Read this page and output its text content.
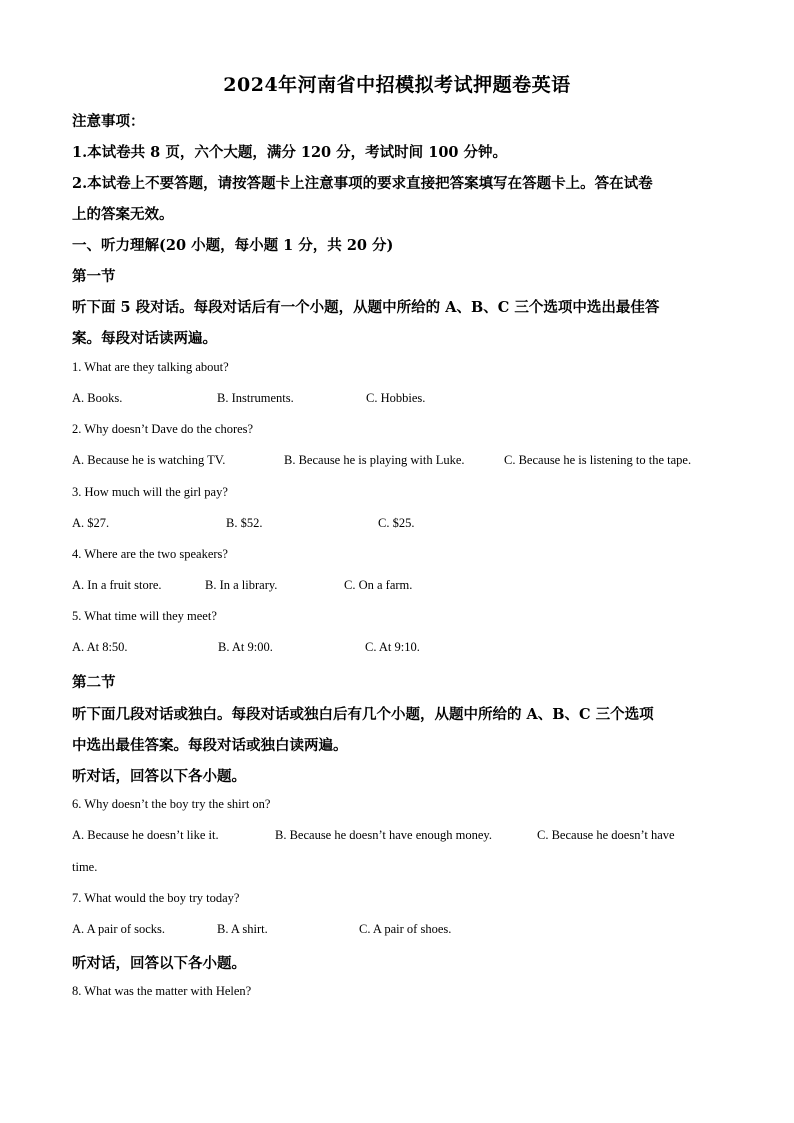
2024年河南省中招模拟考试押题卷英语
注意事项：
1.本试卷共 8 页，六个大题，满分 120 分，考试时间 100 分钟。
2.本试卷上不要答题，请按答题卡上注意事项的要求直接把答案填写在答题卡上。答在试卷
上的答案无效。
一、听力理解(20 小题，每小题 1 分，共 20 分)
第一节
听下面 5 段对话。每段对话后有一个小题，从题中所给的 A、B、C 三个选项中选出最佳答
案。每段对话读两遍。
1. What are they talking about?
A. Books.	B. Instruments.	C. Hobbies.
2. Why doesn’t Dave do the chores?
A. Because he is watching TV.	B. Because he is playing with Luke.	C. Because he is listening to the tape.
3. How much will the girl pay?
A. $27.	B. $52.	C. $25.
4. Where are the two speakers?
A. In a fruit store.	B. In a library.	C. On a farm.
5. What time will they meet?
A. At 8:50.	B. At 9:00.	C. At 9:10.
第二节
听下面几段对话或独白。每段对话或独白后有几个小题，从题中所给的 A、B、C 三个选项
中选出最佳答案。每段对话或独白读两遍。
听对话，回答以下各小题。
6. Why doesn’t the boy try the shirt on?
A. Because he doesn’t like it.	B. Because he doesn’t have enough money.	C. Because he doesn’t have
time.
7. What would the boy try today?
A. A pair of socks.	B. A shirt.	C. A pair of shoes.
听对话，回答以下各小题。
8. What was the matter with Helen?
